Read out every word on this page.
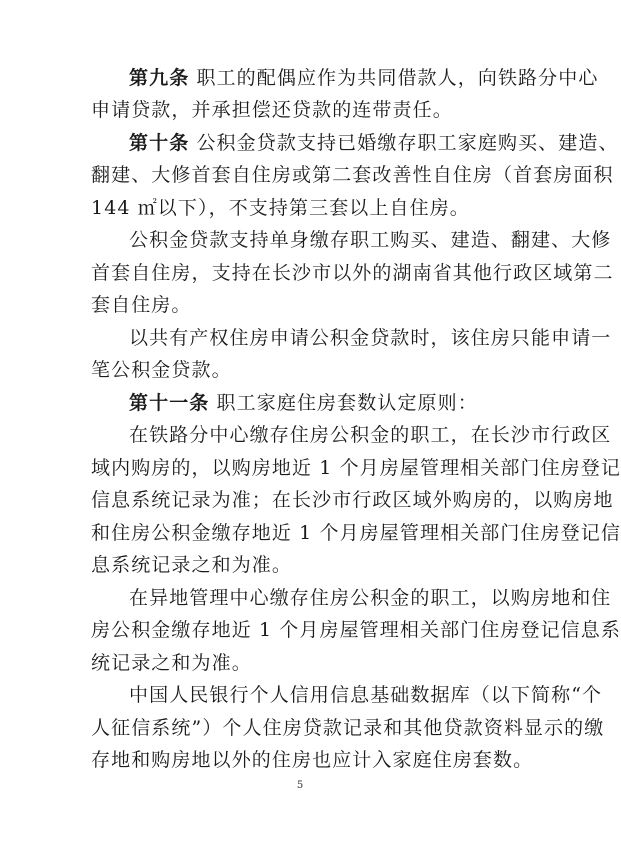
第九条 职工的配偶应作为共同借款人，向铁路分中心
申请贷款，并承担偿还贷款的连带责任。
第十条 公积金贷款支持已婚缴存职工家庭购买、建造、
翻建、大修首套自住房或第二套改善性自住房（首套房面积
144 ㎡以下），不支持第三套以上自住房。
公积金贷款支持单身缴存职工购买、建造、翻建、大修
首套自住房，支持在长沙市以外的湖南省其他行政区域第二
套自住房。
以共有产权住房申请公积金贷款时，该住房只能申请一
笔公积金贷款。
第十一条 职工家庭住房套数认定原则：
在铁路分中心缴存住房公积金的职工，在长沙市行政区
域内购房的，以购房地近 1 个月房屋管理相关部门住房登记
信息系统记录为准；在长沙市行政区域外购房的，以购房地
和住房公积金缴存地近 1 个月房屋管理相关部门住房登记信
息系统记录之和为准。
在异地管理中心缴存住房公积金的职工，以购房地和住
房公积金缴存地近 1 个月房屋管理相关部门住房登记信息系
统记录之和为准。
中国人民银行个人信用信息基础数据库（以下简称“个
人征信系统”）个人住房贷款记录和其他贷款资料显示的缴
存地和购房地以外的住房也应计入家庭住房套数。
5
